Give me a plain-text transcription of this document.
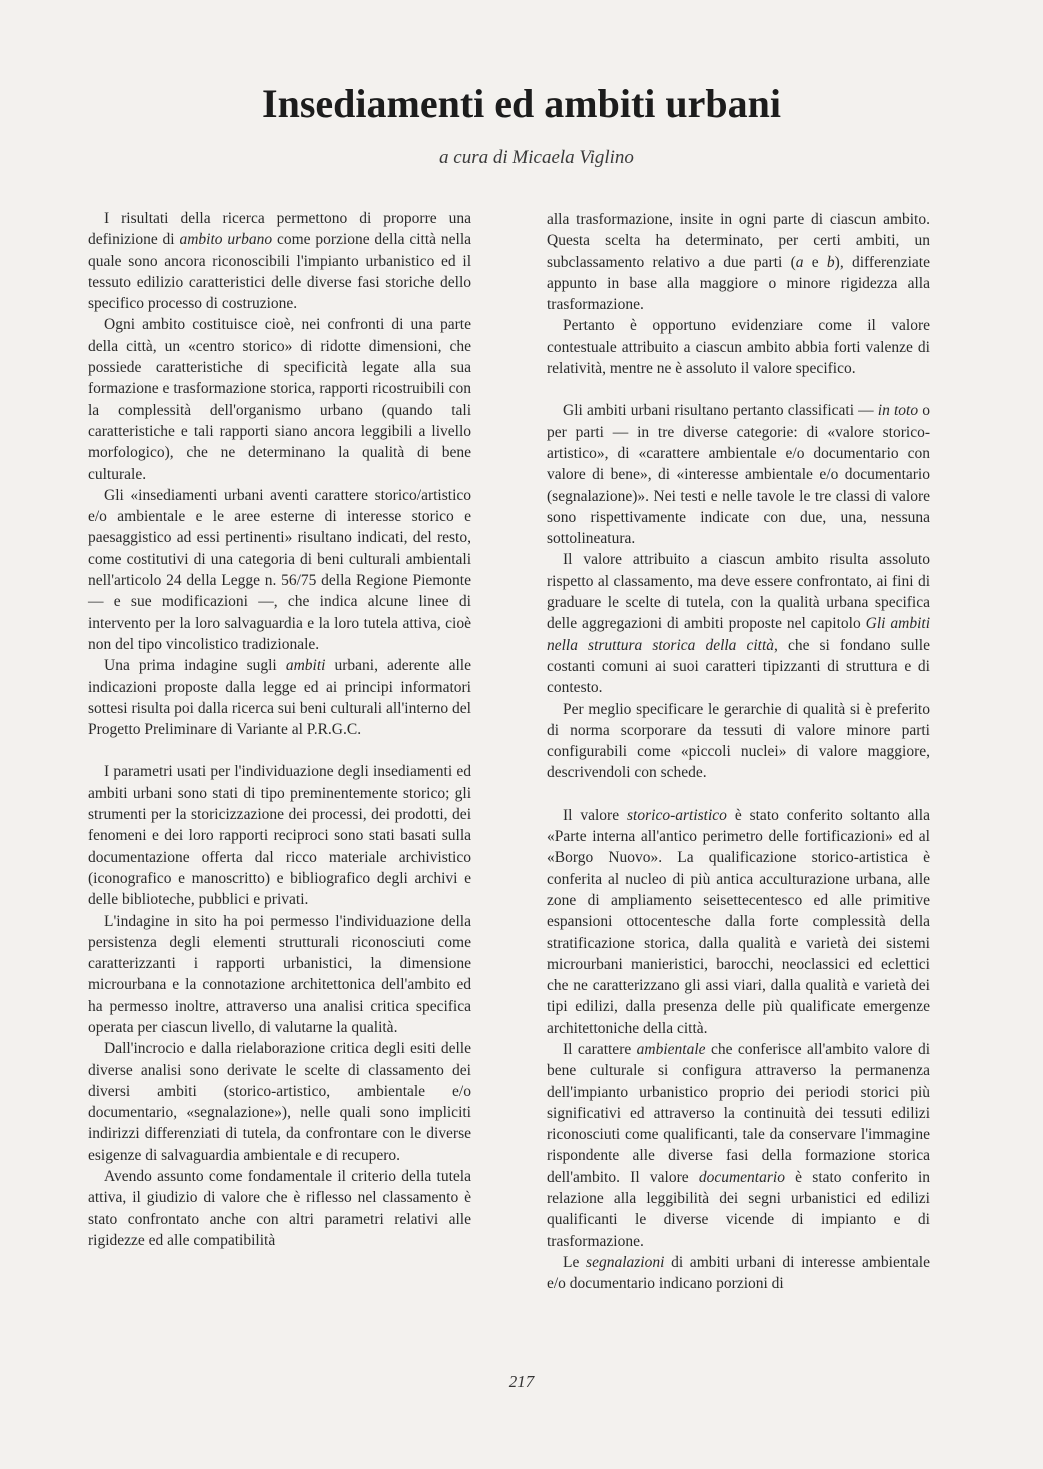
Insediamenti ed ambiti urbani
a cura di Micaela Viglino

I risultati della ricerca permettono di proporre una definizione di ambito urbano come porzione della città nella quale sono ancora riconoscibili l'impianto urbanistico ed il tessuto edilizio caratteristici delle diverse fasi storiche dello specifico processo di costruzione.

Ogni ambito costituisce cioè, nei confronti di una parte della città, un «centro storico» di ridotte dimensioni, che possiede caratteristiche di specificità legate alla sua formazione e trasformazione storica, rapporti ricostruibili con la complessità dell'organismo urbano (quando tali caratteristiche e tali rapporti siano ancora leggibili a livello morfologico), che ne determinano la qualità di bene culturale.

Gli «insediamenti urbani aventi carattere storico/artistico e/o ambientale e le aree esterne di interesse storico e paesaggistico ad essi pertinenti» risultano indicati, del resto, come costitutivi di una categoria di beni culturali ambientali nell'articolo 24 della Legge n. 56/75 della Regione Piemonte — e sue modificazioni —, che indica alcune linee di intervento per la loro salvaguardia e la loro tutela attiva, cioè non del tipo vincolistico tradizionale.

Una prima indagine sugli ambiti urbani, aderente alle indicazioni proposte dalla legge ed ai principi informatori sottesi risulta poi dalla ricerca sui beni culturali all'interno del Progetto Preliminare di Variante al P.R.G.C.

I parametri usati per l'individuazione degli insediamenti ed ambiti urbani sono stati di tipo preminentemente storico; gli strumenti per la storicizzazione dei processi, dei prodotti, dei fenomeni e dei loro rapporti reciproci sono stati basati sulla documentazione offerta dal ricco materiale archivistico (iconografico e manoscritto) e bibliografico degli archivi e delle biblioteche, pubblici e privati.

L'indagine in sito ha poi permesso l'individuazione della persistenza degli elementi strutturali riconosciuti come caratterizzanti i rapporti urbanistici, la dimensione microurbana e la connotazione architettonica dell'ambito ed ha permesso inoltre, attraverso una analisi critica specifica operata per ciascun livello, di valutarne la qualità.

Dall'incrocio e dalla rielaborazione critica degli esiti delle diverse analisi sono derivate le scelte di classamento dei diversi ambiti (storico-artistico, ambientale e/o documentario, «segnalazione»), nelle quali sono impliciti indirizzi differenziati di tutela, da confrontare con le diverse esigenze di salvaguardia ambientale e di recupero.

Avendo assunto come fondamentale il criterio della tutela attiva, il giudizio di valore che è riflesso nel classamento è stato confrontato anche con altri parametri relativi alle rigidezze ed alle compatibilità

alla trasformazione, insite in ogni parte di ciascun ambito. Questa scelta ha determinato, per certi ambiti, un subclassamento relativo a due parti (a e b), differenziate appunto in base alla maggiore o minore rigidezza alla trasformazione.

Pertanto è opportuno evidenziare come il valore contestuale attribuito a ciascun ambito abbia forti valenze di relatività, mentre ne è assoluto il valore specifico.

Gli ambiti urbani risultano pertanto classificati — in toto o per parti — in tre diverse categorie: di «valore storico-artistico», di «carattere ambientale e/o documentario con valore di bene», di «interesse ambientale e/o documentario (segnalazione)». Nei testi e nelle tavole le tre classi di valore sono rispettivamente indicate con due, una, nessuna sottolineatura.

Il valore attribuito a ciascun ambito risulta assoluto rispetto al classamento, ma deve essere confrontato, ai fini di graduare le scelte di tutela, con la qualità urbana specifica delle aggregazioni di ambiti proposte nel capitolo Gli ambiti nella struttura storica della città, che si fondano sulle costanti comuni ai suoi caratteri tipizzanti di struttura e di contesto.

Per meglio specificare le gerarchie di qualità si è preferito di norma scorporare da tessuti di valore minore parti configurabili come «piccoli nuclei» di valore maggiore, descrivendoli con schede.

Il valore storico-artistico è stato conferito soltanto alla «Parte interna all'antico perimetro delle fortificazioni» ed al «Borgo Nuovo». La qualificazione storico-artistica è conferita al nucleo di più antica acculturazione urbana, alle zone di ampliamento seisettecentesco ed alle primitive espansioni ottocentesche dalla forte complessità della stratificazione storica, dalla qualità e varietà dei sistemi microurbani manieristici, barocchi, neoclassici ed eclettici che ne caratterizzano gli assi viari, dalla qualità e varietà dei tipi edilizi, dalla presenza delle più qualificate emergenze architettoniche della città.

Il carattere ambientale che conferisce all'ambito valore di bene culturale si configura attraverso la permanenza dell'impianto urbanistico proprio dei periodi storici più significativi ed attraverso la continuità dei tessuti edilizi riconosciuti come qualificanti, tale da conservare l'immagine rispondente alle diverse fasi della formazione storica dell'ambito. Il valore documentario è stato conferito in relazione alla leggibilità dei segni urbanistici ed edilizi qualificanti le diverse vicende di impianto e di trasformazione.

Le segnalazioni di ambiti urbani di interesse ambientale e/o documentario indicano porzioni di

217
